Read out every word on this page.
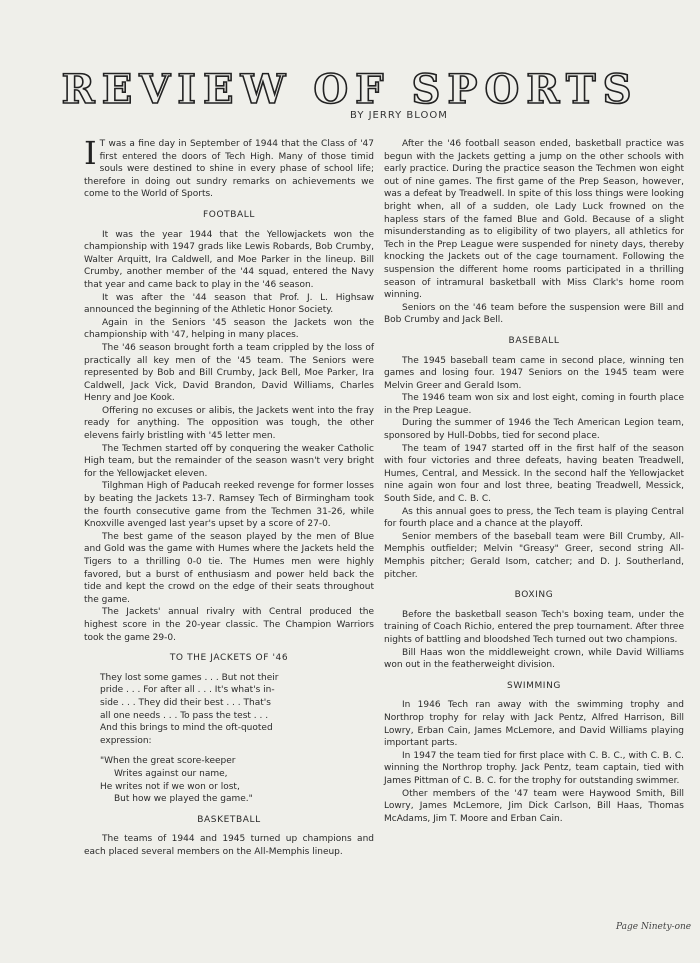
REVIEW OF SPORTS
BY JERRY BLOOM

I T was a fine day in September of 1944 that the Class of '47 first entered the doors of Tech High. Many of those timid souls were destined to shine in every phase of school life; therefore in doing out sundry remarks on achievements we come to the World of Sports.

FOOTBALL

It was the year 1944 that the Yellowjackets won the championship with 1947 grads like Lewis Robards, Bob Crumby, Walter Arquitt, Ira Caldwell, and Moe Parker in the lineup. Bill Crumby, another member of the '44 squad, entered the Navy that year and came back to play in the '46 season.

It was after the '44 season that Prof. J. L. Highsaw announced the beginning of the Athletic Honor Society.

Again in the Seniors '45 season the Jackets won the championship with '47, helping in many places.

The '46 season brought forth a team crippled by the loss of practically all key men of the '45 team. The Seniors were represented by Bob and Bill Crumby, Jack Bell, Moe Parker, Ira Caldwell, Jack Vick, David Brandon, David Williams, Charles Henry and Joe Kook.

Offering no excuses or alibis, the Jackets went into the fray ready for anything. The opposition was tough, the other elevens fairly bristling with '45 letter men.

The Techmen started off by conquering the weaker Catholic High team, but the remainder of the season wasn't very bright for the Yellowjacket eleven.

Tilghman High of Paducah reeked revenge for former losses by beating the Jackets 13-7. Ramsey Tech of Birmingham took the fourth consecutive game from the Techmen 31-26, while Knoxville avenged last year's upset by a score of 27-0.

The best game of the season played by the men of Blue and Gold was the game with Humes where the Jackets held the Tigers to a thrilling 0-0 tie. The Humes men were highly favored, but a burst of enthusiasm and power held back the tide and kept the crowd on the edge of their seats throughout the game.

The Jackets' annual rivalry with Central produced the highest score in the 20-year classic. The Champion Warriors took the game 29-0.

TO THE JACKETS OF '46
They lost some games . . . But not their
pride . . . For after all . . . It's what's in-
side . . . They did their best . . . That's
all one needs . . . To pass the test . . .
And this brings to mind the oft-quoted
expression:
"When the great score-keeper
Writes against our name,
He writes not if we won or lost,
But how we played the game."
BASKETBALL

The teams of 1944 and 1945 turned up champions and each placed several members on the All-Memphis lineup.

After the '46 football season ended, basketball practice was begun with the Jackets getting a jump on the other schools with early practice. During the practice season the Techmen won eight out of nine games. The first game of the Prep Season, however, was a defeat by Treadwell. In spite of this loss things were looking bright when, all of a sudden, ole Lady Luck frowned on the hapless stars of the famed Blue and Gold. Because of a slight misunderstanding as to eligibility of two players, all athletics for Tech in the Prep League were suspended for ninety days, thereby knocking the Jackets out of the cage tournament. Following the suspension the different home rooms participated in a thrilling season of intramural basketball with Miss Clark's home room winning.

Seniors on the '46 team before the suspension were Bill and Bob Crumby and Jack Bell.

BASEBALL

The 1945 baseball team came in second place, winning ten games and losing four. 1947 Seniors on the 1945 team were Melvin Greer and Gerald Isom.

The 1946 team won six and lost eight, coming in fourth place in the Prep League.

During the summer of 1946 the Tech American Legion team, sponsored by Hull-Dobbs, tied for second place.

The team of 1947 started off in the first half of the season with four victories and three defeats, having beaten Treadwell, Humes, Central, and Messick. In the second half the Yellowjacket nine again won four and lost three, beating Treadwell, Messick, South Side, and C. B. C.

As this annual goes to press, the Tech team is playing Central for fourth place and a chance at the playoff.

Senior members of the baseball team were Bill Crumby, All-Memphis outfielder; Melvin "Greasy" Greer, second string All-Memphis pitcher; Gerald Isom, catcher; and D. J. Southerland, pitcher.

BOXING

Before the basketball season Tech's boxing team, under the training of Coach Richio, entered the prep tournament. After three nights of battling and bloodshed Tech turned out two champions.

Bill Haas won the middleweight crown, while David Williams won out in the featherweight division.

SWIMMING

In 1946 Tech ran away with the swimming trophy and Northrop trophy for relay with Jack Pentz, Alfred Harrison, Bill Lowry, Erban Cain, James McLemore, and David Williams playing important parts.

In 1947 the team tied for first place with C. B. C., with C. B. C. winning the Northrop trophy. Jack Pentz, team captain, tied with James Pittman of C. B. C. for the trophy for outstanding swimmer.

Other members of the '47 team were Haywood Smith, Bill Lowry, James McLemore, Jim Dick Carlson, Bill Haas, Thomas McAdams, Jim T. Moore and Erban Cain.

Page Ninety-one
